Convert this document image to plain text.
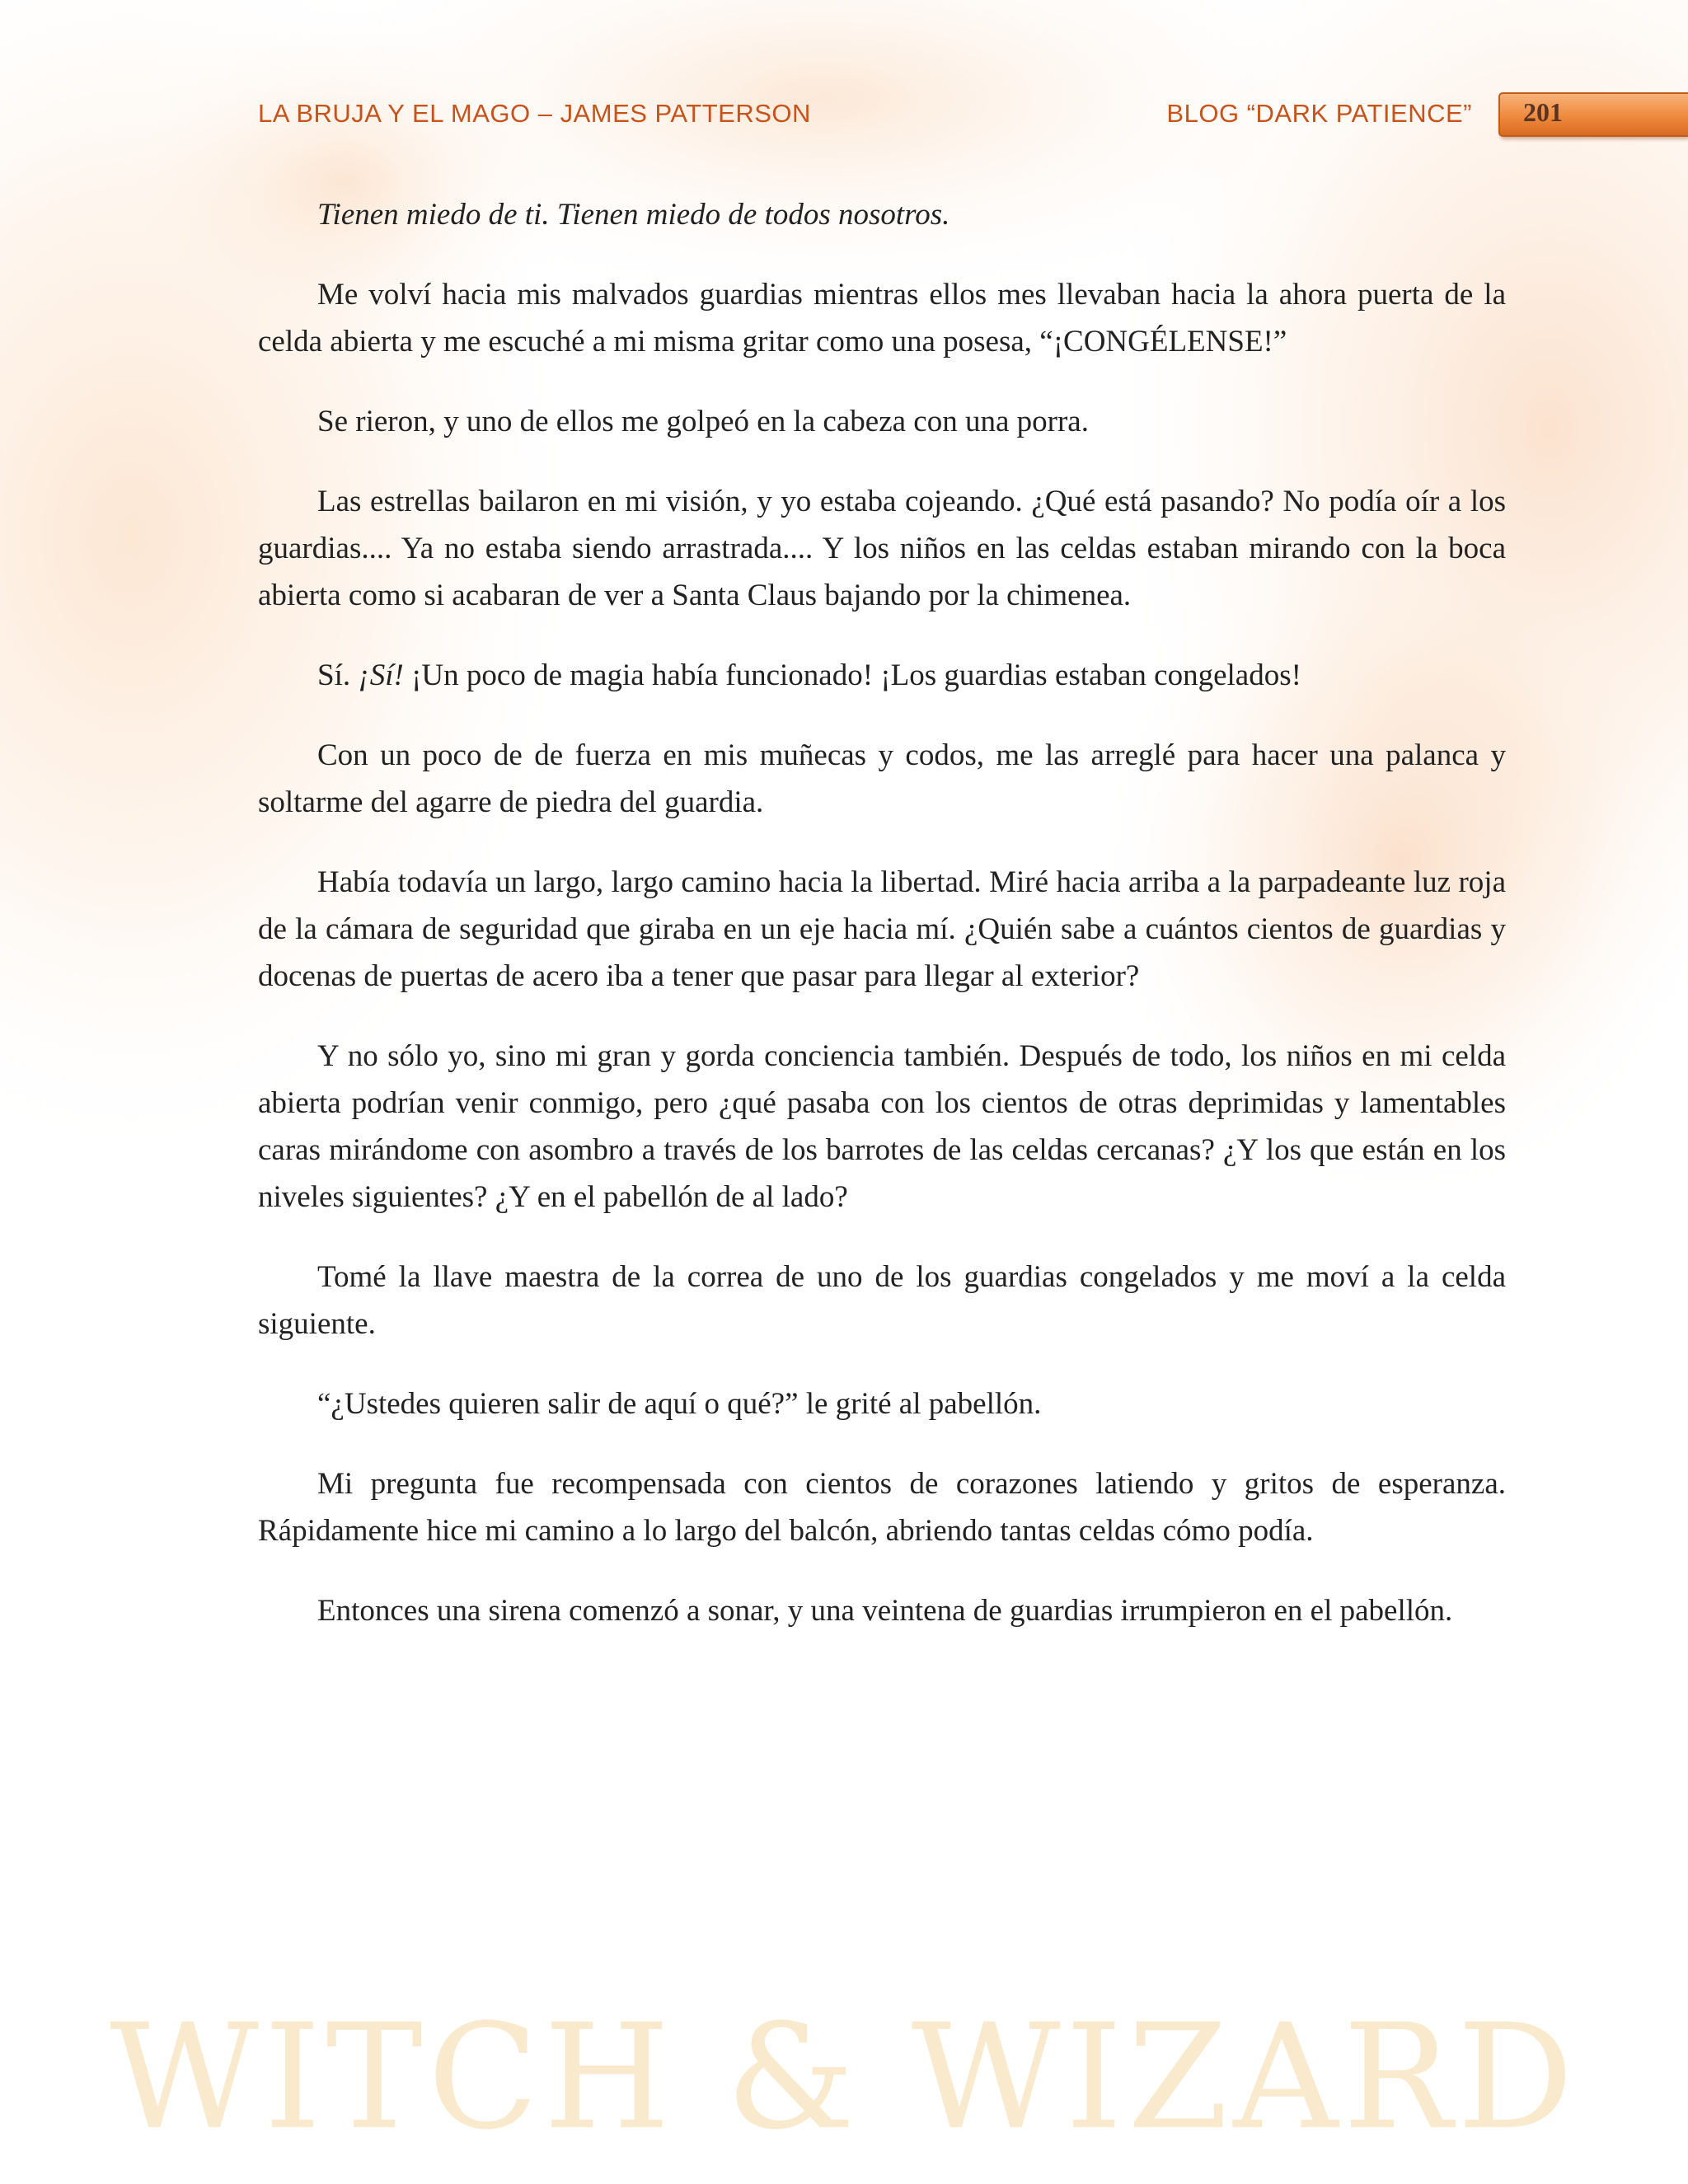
LA BRUJA Y EL MAGO – JAMES PATTERSON	BLOG “DARK PATIENCE” 201

Tienen miedo de ti. Tienen miedo de todos nosotros.

Me volví hacia mis malvados guardias mientras ellos mes llevaban hacia la ahora puerta de la celda abierta y me escuché a mi misma gritar como una posesa, “¡CONGÉLENSE!”

Se rieron, y uno de ellos me golpeó en la cabeza con una porra.

Las estrellas bailaron en mi visión, y yo estaba cojeando. ¿Qué está pasando? No podía oír a los guardias.... Ya no estaba siendo arrastrada.... Y los niños en las celdas estaban mirando con la boca abierta como si acabaran de ver a Santa Claus bajando por la chimenea.

Sí. ¡Sí! ¡Un poco de magia había funcionado! ¡Los guardias estaban congelados!

Con un poco de de fuerza en mis muñecas y codos, me las arreglé para hacer una palanca y soltarme del agarre de piedra del guardia.

Había todavía un largo, largo camino hacia la libertad. Miré hacia arriba a la parpadeante luz roja de la cámara de seguridad que giraba en un eje hacia mí. ¿Quién sabe a cuántos cientos de guardias y docenas de puertas de acero iba a tener que pasar para llegar al exterior?

Y no sólo yo, sino mi gran y gorda conciencia también. Después de todo, los niños en mi celda abierta podrían venir conmigo, pero ¿qué pasaba con los cientos de otras deprimidas y lamentables caras mirándome con asombro a través de los barrotes de las celdas cercanas? ¿Y los que están en los niveles siguientes? ¿Y en el pabellón de al lado?

Tomé la llave maestra de la correa de uno de los guardias congelados y me moví a la celda siguiente.

“¿Ustedes quieren salir de aquí o qué?” le grité al pabellón.

Mi pregunta fue recompensada con cientos de corazones latiendo y gritos de esperanza. Rápidamente hice mi camino a lo largo del balcón, abriendo tantas celdas cómo podía.

Entonces una sirena comenzó a sonar, y una veintena de guardias irrumpieron en el pabellón.

WITCH & WIZARD
